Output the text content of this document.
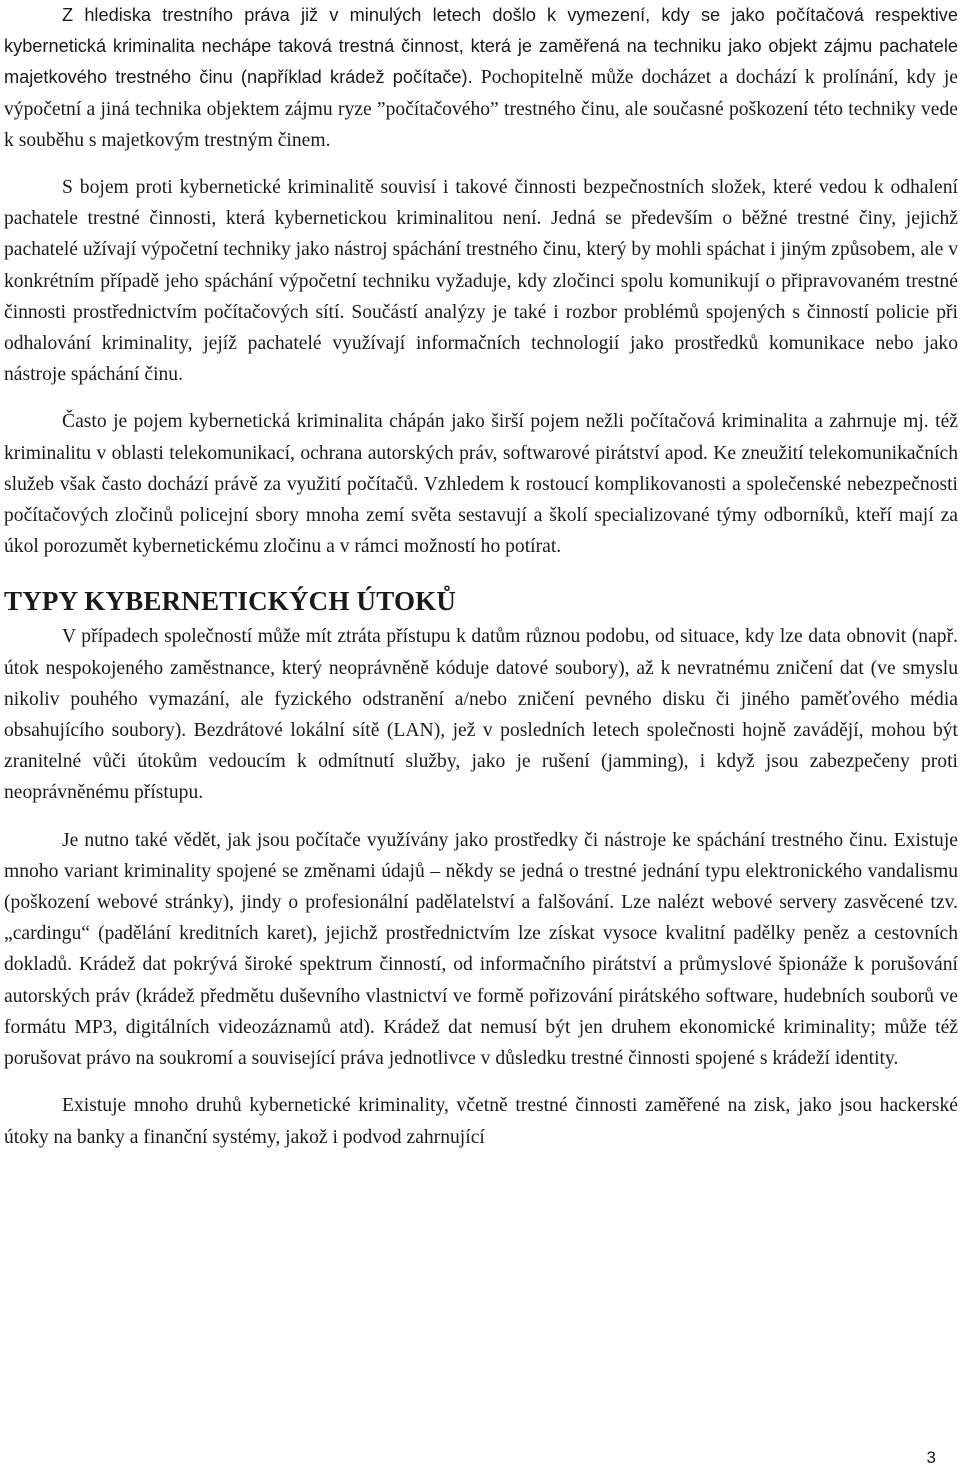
Z hlediska trestního práva již v minulých letech došlo k vymezení, kdy se jako počítačová respektive kybernetická kriminalita nechápe taková trestná činnost, která je zaměřená na techniku jako objekt zájmu pachatele majetkového trestného činu (například krádež počítače). Pochopitelně může docházet a dochází k prolínání, kdy je výpočetní a jiná technika objektem zájmu ryze ”počítačového” trestného činu, ale současné poškození této techniky vede k souběhu s majetkovým trestným činem.

S bojem proti kybernetické kriminalitě souvisí i takové činnosti bezpečnostních složek, které vedou k odhalení pachatele trestné činnosti, která kybernetickou kriminalitou není. Jedná se především o běžné trestné činy, jejichž pachatelé užívají výpočetní techniky jako nástroj spáchání trestného činu, který by mohli spáchat i jiným způsobem, ale v konkrétním případě jeho spáchání výpočetní techniku vyžaduje, kdy zločinci spolu komunikují o připravovaném trestné činnosti prostřednictvím počítačových sítí. Součástí analýzy je také i rozbor problémů spojených s činností policie při odhalování kriminality, jejíž pachatelé využívají informačních technologií jako prostředků komunikace nebo jako nástroje spáchání činu.

Často je pojem kybernetická kriminalita chápán jako širší pojem nežli počítačová kriminalita a zahrnuje mj. též kriminalitu v oblasti telekomunikací, ochrana autorských práv, softwarové pirátství apod. Ke zneužití telekomunikačních služeb však často dochází právě za využití počítačů. Vzhledem k rostoucí komplikovanosti a společenské nebezpečnosti počítačových zločinů policejní sbory mnoha zemí světa sestavují a školí specializované týmy odborníků, kteří mají za úkol porozumět kybernetickému zločinu a v rámci možností ho potírat.

TYPY KYBERNETICKÝCH ÚTOKŮ

V případech společností může mít ztráta přístupu k datům různou podobu, od situace, kdy lze data obnovit (např. útok nespokojeného zaměstnance, který neoprávněně kóduje datové soubory), až k nevratnému zničení dat (ve smyslu nikoliv pouhého vymazání, ale fyzického odstranění a/nebo zničení pevného disku či jiného paměťového média obsahujícího soubory). Bezdrátové lokální sítě (LAN), jež v posledních letech společnosti hojně zavádějí, mohou být zranitelné vůči útokům vedoucím k odmítnutí služby, jako je rušení (jamming), i když jsou zabezpečeny proti neoprávněnému přístupu.

Je nutno také vědět, jak jsou počítače využívány jako prostředky či nástroje ke spáchání trestného činu. Existuje mnoho variant kriminality spojené se změnami údajů – někdy se jedná o trestné jednání typu elektronického vandalismu (poškození webové stránky), jindy o profesionální padělatelství a falšování. Lze nalézt webové servery zasvěcené tzv. „cardingu“ (padělání kreditních karet), jejichž prostřednictvím lze získat vysoce kvalitní padělky peněz a cestovních dokladů. Krádež dat pokrývá široké spektrum činností, od informačního pirátství a průmyslové špionáže k porušování autorských práv (krádež předmětu duševního vlastnictví ve formě pořizování pirátského software, hudebních souborů ve formátu MP3, digitálních videozáznamů atd). Krádež dat nemusí být jen druhem ekonomické kriminality; může též porušovat právo na soukromí a související práva jednotlivce v důsledku trestné činnosti spojené s krádeží identity.

Existuje mnoho druhů kybernetické kriminality, včetně trestné činnosti zaměřené na zisk, jako jsou hackerské útoky na banky a finanční systémy, jakož i podvod zahrnující

3
